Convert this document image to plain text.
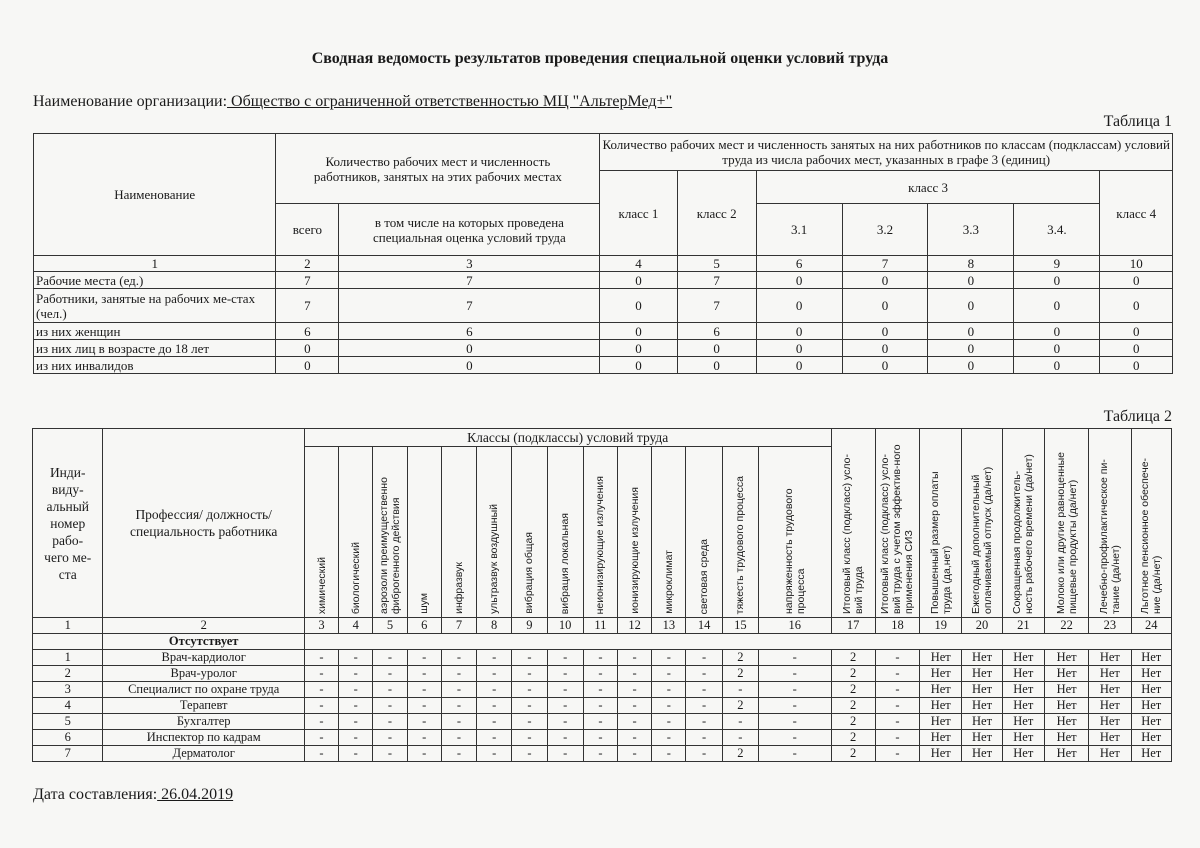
Сводная ведомость результатов проведения специальной оценки условий труда
Наименование организации: Общество с ограниченной ответственностью МЦ "АльтерМед+"
Таблица 1
Наименование	Количество рабочих мест и численность работников, занятых на этих рабочих местах		Количество рабочих мест и численность занятых на них работников по классам (подклассам) условий труда из числа рабочих мест, указанных в графе 3 (единиц)						
			класс 1	класс 2	класс 3				класс 4
	всего	в том числе на которых проведена специальная оценка условий труда			3.1	3.2	3.3	3.4.	
1	2	3	4	5	6	7	8	9	10
Рабочие места (ед.)	7	7	0	7	0	0	0	0	0
Работники, занятые на рабочих ме-стах (чел.)	7	7	0	7	0	0	0	0	0
из них женщин	6	6	0	6	0	0	0	0	0
из них лиц в возрасте до 18 лет	0	0	0	0	0	0	0	0	0
из них инвалидов	0	0	0	0	0	0	0	0	0
Таблица 2
Инди-виду-альный номер рабо-чего ме-ста	Профессия/ должность/ специальность работника	Классы (подклассы) условий труда														Итоговый класс (подкласс) усло-вий труда	Итоговый класс (подкласс) усло-вий труда с учетом эффектив-ного применения СИЗ	Повышенный размер оплаты труда (да,нет)	Ежегодный дополнительный оплачиваемый отпуск (да/нет)	Сокращенная продолжитель-ность рабочего времени (да/нет)	Молоко или другие равноценные пищевые продукты (да/нет)	Лечебно-профилактическое пи-тание (да/нет)	Льготное пенсионное обеспече-ние (да/нет)

		химический	биологический	аэрозоли преимущественно фиброгенного действия	шум	инфразвук	ультразвук воздушный	вибрация общая	вибрация локальная	неионизирующие излучения	ионизирующие излучения	микроклимат	световая среда	тяжесть трудового процесса	напряженность трудового процесса								

1	2	3	4	5	6	7	8	9	10	11	12	13	14	15	16	17	18	19	20	21	22	23	24
	Отсутствует																						
1	Врач-кардиолог	-	-	-	-	-	-	-	-	-	-	-	-	2	-	2	-	Нет	Нет	Нет	Нет	Нет	Нет
2	Врач-уролог	-	-	-	-	-	-	-	-	-	-	-	-	2	-	2	-	Нет	Нет	Нет	Нет	Нет	Нет
3	Специалист по охране труда	-	-	-	-	-	-	-	-	-	-	-	-	-	-	2	-	Нет	Нет	Нет	Нет	Нет	Нет
4	Терапевт	-	-	-	-	-	-	-	-	-	-	-	-	2	-	2	-	Нет	Нет	Нет	Нет	Нет	Нет
5	Бухгалтер	-	-	-	-	-	-	-	-	-	-	-	-	-	-	2	-	Нет	Нет	Нет	Нет	Нет	Нет
6	Инспектор по кадрам	-	-	-	-	-	-	-	-	-	-	-	-	-	-	2	-	Нет	Нет	Нет	Нет	Нет	Нет
7	Дерматолог	-	-	-	-	-	-	-	-	-	-	-	-	2	-	2	-	Нет	Нет	Нет	Нет	Нет	Нет
Дата составления: 26.04.2019
